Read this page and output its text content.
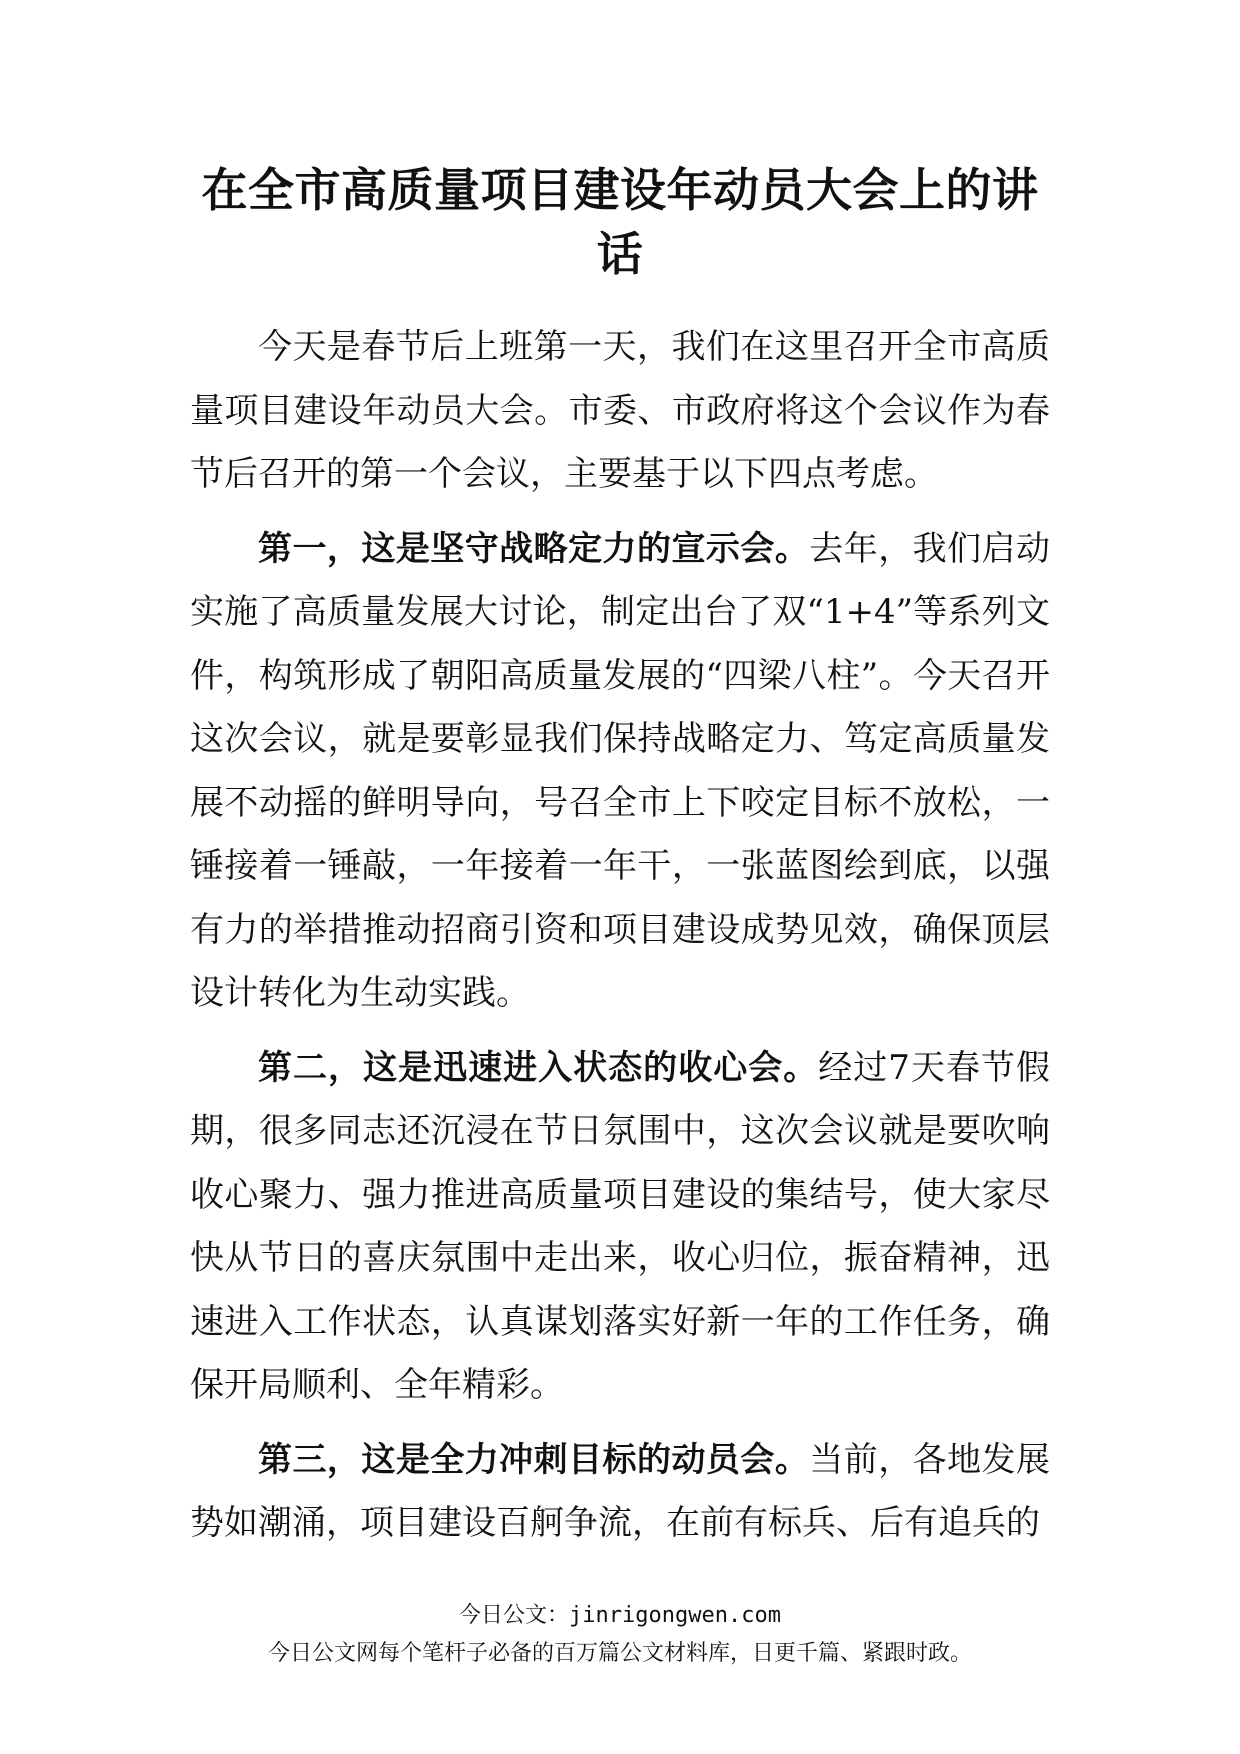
在全市高质量项目建设年动员大会上的讲话

今天是春节后上班第一天，我们在这里召开全市高质量项目建设年动员大会。市委、市政府将这个会议作为春节后召开的第一个会议，主要基于以下四点考虑。

第一，这是坚守战略定力的宣示会。去年，我们启动实施了高质量发展大讨论，制定出台了双“1+4”等系列文件，构筑形成了朝阳高质量发展的“四梁八柱”。今天召开这次会议，就是要彰显我们保持战略定力、笃定高质量发展不动摇的鲜明导向，号召全市上下咬定目标不放松，一锤接着一锤敲，一年接着一年干，一张蓝图绘到底，以强有力的举措推动招商引资和项目建设成势见效，确保顶层设计转化为生动实践。

第二，这是迅速进入状态的收心会。经过7天春节假期，很多同志还沉浸在节日氛围中，这次会议就是要吹响收心聚力、强力推进高质量项目建设的集结号，使大家尽快从节日的喜庆氛围中走出来，收心归位，振奋精神，迅速进入工作状态，认真谋划落实好新一年的工作任务，确保开局顺利、全年精彩。

第三，这是全力冲刺目标的动员会。当前，各地发展势如潮涌，项目建设百舸争流，在前有标兵、后有追兵的

今日公文：jinrigongwen.com
今日公文网每个笔杆子必备的百万篇公文材料库，日更千篇、紧跟时政。
